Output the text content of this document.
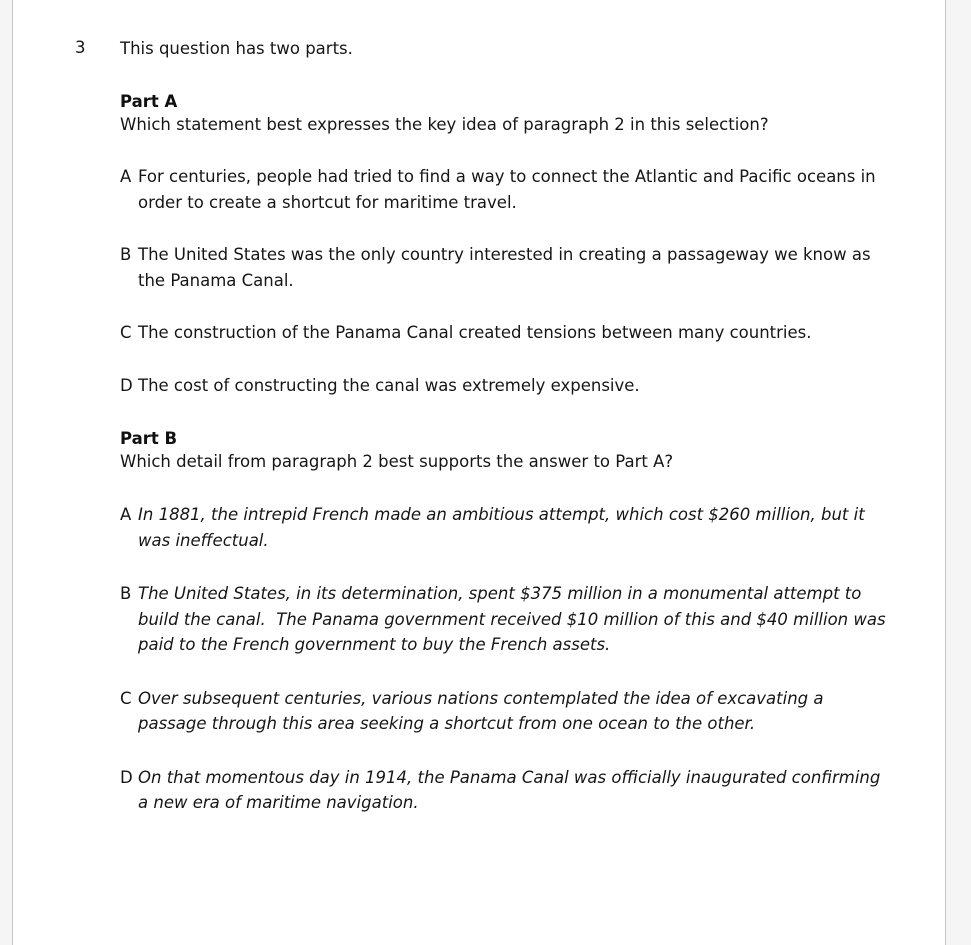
3	This question has two parts.

Part A

Which statement best expresses the key idea of paragraph 2 in this selection?

A For centuries, people had tried to find a way to connect the Atlantic and Pacific oceans in order to create a shortcut for maritime travel.
B The United States was the only country interested in creating a passageway we know as the Panama Canal.
C The construction of the Panama Canal created tensions between many countries.
D The cost of constructing the canal was extremely expensive.

Part B

Which detail from paragraph 2 best supports the answer to Part A?

A In 1881, the intrepid French made an ambitious attempt, which cost $260 million, but it was ineffectual.
B The United States, in its determination, spent $375 million in a monumental attempt to build the canal.  The Panama government received $10 million of this and $40 million was paid to the French government to buy the French assets.
C Over subsequent centuries, various nations contemplated the idea of excavating a passage through this area seeking a shortcut from one ocean to the other.
D On that momentous day in 1914, the Panama Canal was officially inaugurated confirming a new era of maritime navigation.
